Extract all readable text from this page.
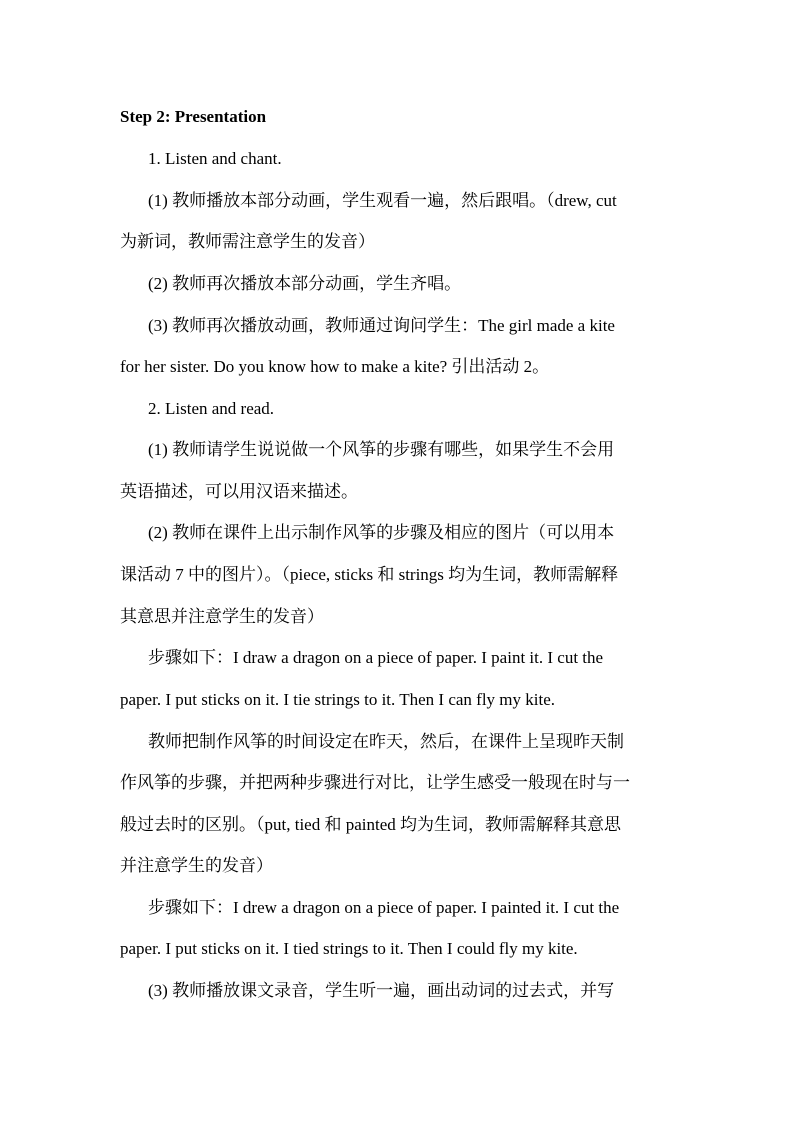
Step 2: Presentation
1. Listen and chant.
(1) 教师播放本部分动画，学生观看一遍，然后跟唱。（drew, cut
为新词，教师需注意学生的发音）
(2) 教师再次播放本部分动画，学生齐唱。
(3) 教师再次播放动画，教师通过询问学生：The girl made a kite
for her sister. Do you know how to make a kite? 引出活动 2。
2. Listen and read.
(1) 教师请学生说说做一个风筝的步骤有哪些，如果学生不会用
英语描述，可以用汉语来描述。
(2) 教师在课件上出示制作风筝的步骤及相应的图片（可以用本
课活动 7 中的图片）。（piece, sticks 和 strings 均为生词，教师需解释
其意思并注意学生的发音）
步骤如下：I draw a dragon on a piece of paper. I paint it. I cut the
paper. I put sticks on it. I tie strings to it. Then I can fly my kite.
教师把制作风筝的时间设定在昨天，然后，在课件上呈现昨天制
作风筝的步骤，并把两种步骤进行对比，让学生感受一般现在时与一
般过去时的区别。（put, tied 和 painted 均为生词，教师需解释其意思
并注意学生的发音）
步骤如下：I drew a dragon on a piece of paper. I painted it. I cut the
paper. I put sticks on it. I tied strings to it. Then I could fly my kite.
(3) 教师播放课文录音，学生听一遍，画出动词的过去式，并写
